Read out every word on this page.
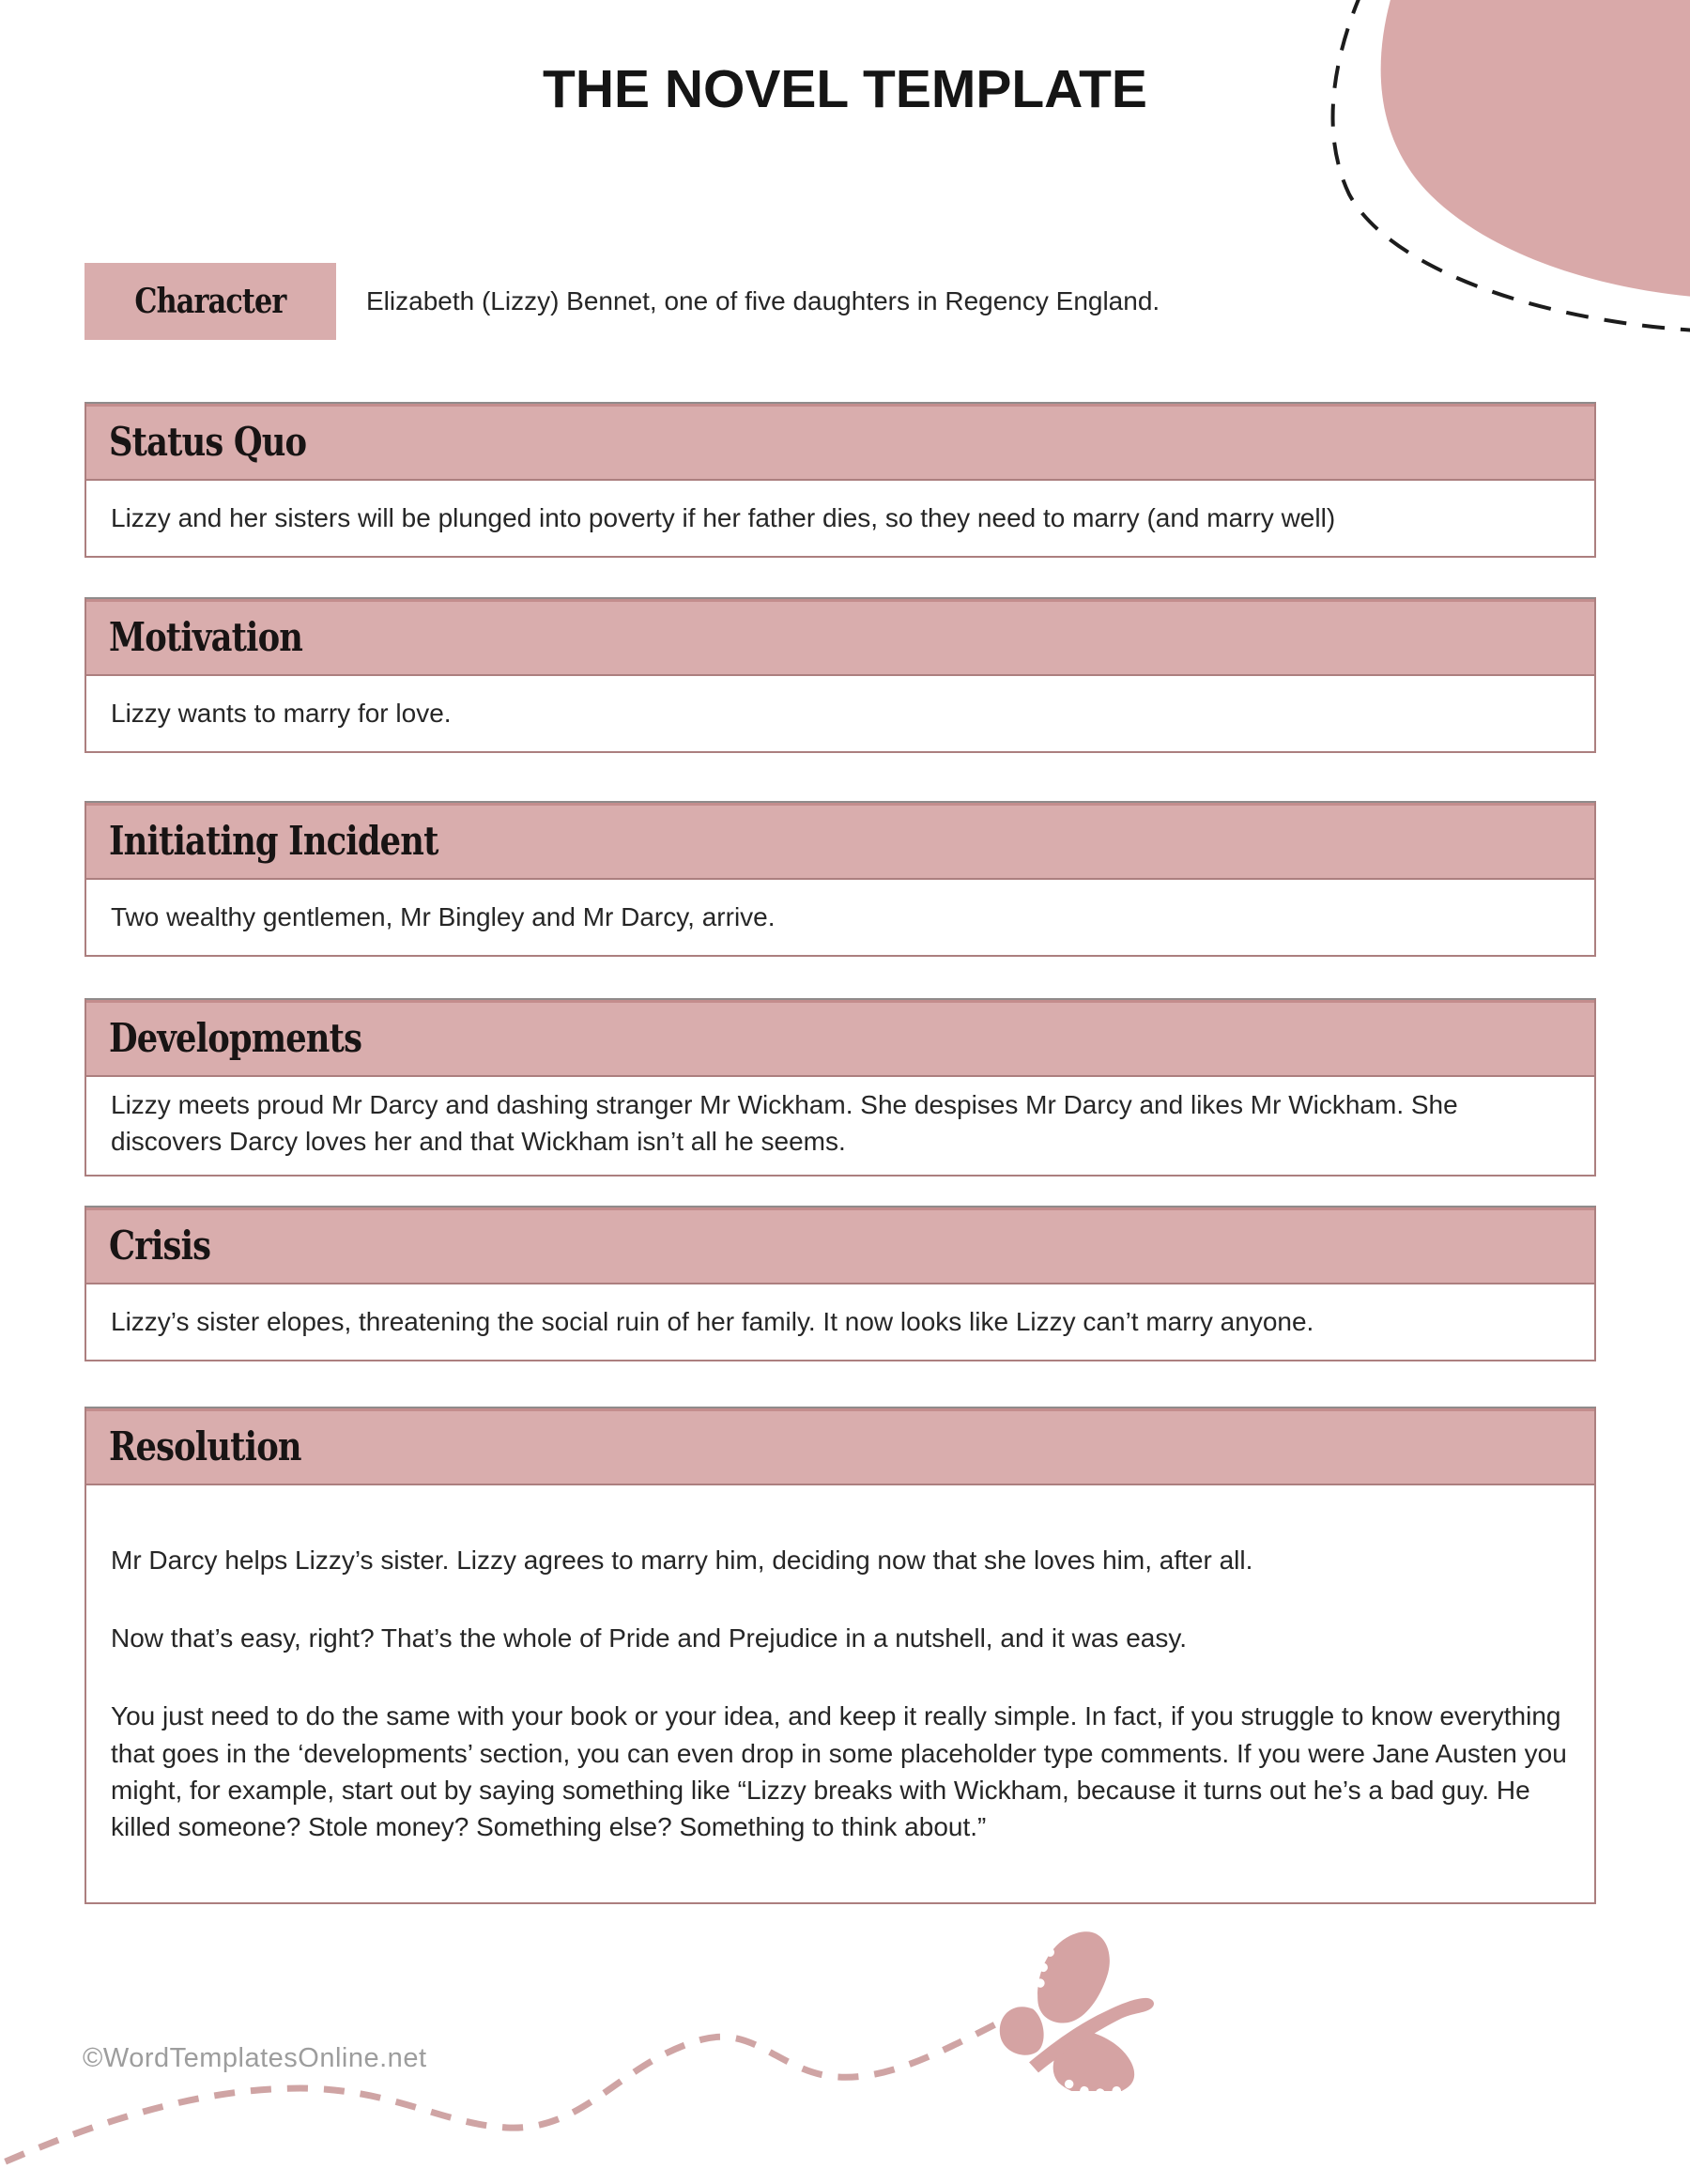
THE NOVEL TEMPLATE
Character	Elizabeth (Lizzy) Bennet, one of five daughters in Regency England.
Status Quo

Lizzy and her sisters will be plunged into poverty if her father dies, so they need to marry (and marry well)

Motivation

Lizzy wants to marry for love.

Initiating Incident

Two wealthy gentlemen, Mr Bingley and Mr Darcy, arrive.

Developments

Lizzy meets proud Mr Darcy and dashing stranger Mr Wickham. She despises Mr Darcy and likes Mr Wickham. She discovers Darcy loves her and that Wickham isn’t all he seems.

Crisis

Lizzy’s sister elopes, threatening the social ruin of her family. It now looks like Lizzy can’t marry anyone.

Resolution

Mr Darcy helps Lizzy’s sister. Lizzy agrees to marry him, deciding now that she loves him, after all.

Now that’s easy, right? That’s the whole of Pride and Prejudice in a nutshell, and it was easy.

You just need to do the same with your book or your idea, and keep it really simple. In fact, if you struggle to know everything that goes in the ‘developments’ section, you can even drop in some placeholder type comments. If you were Jane Austen you might, for example, start out by saying something like “Lizzy breaks with Wickham, because it turns out he’s a bad guy. He killed someone? Stole money? Something else? Something to think about.”

©WordTemplatesOnline.net
